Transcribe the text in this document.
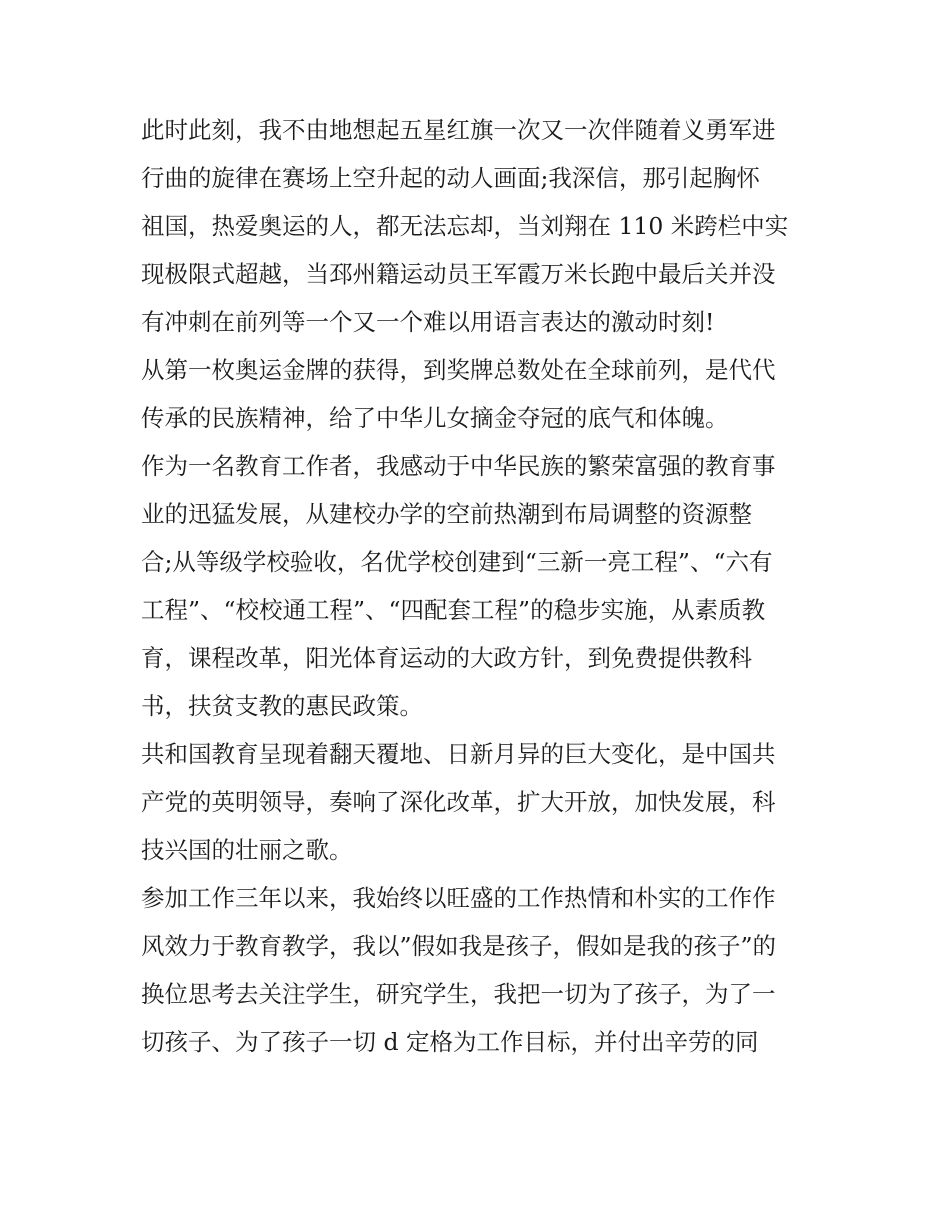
此时此刻，我不由地想起五星红旗一次又一次伴随着义勇军进
行曲的旋律在赛场上空升起的动人画面;我深信，那引起胸怀
祖国，热爱奥运的人，都无法忘却，当刘翔在 110 米跨栏中实
现极限式超越，当邳州籍运动员王军霞万米长跑中最后关并没
有冲刺在前列等一个又一个难以用语言表达的激动时刻!
从第一枚奥运金牌的获得，到奖牌总数处在全球前列，是代代
传承的民族精神，给了中华儿女摘金夺冠的底气和体魄。
作为一名教育工作者，我感动于中华民族的繁荣富强的教育事
业的迅猛发展，从建校办学的空前热潮到布局调整的资源整
合;从等级学校验收，名优学校创建到“三新一亮工程”、“六有
工程”、“校校通工程”、“四配套工程”的稳步实施，从素质教
育，课程改革，阳光体育运动的大政方针，到免费提供教科
书，扶贫支教的惠民政策。
共和国教育呈现着翻天覆地、日新月异的巨大变化，是中国共
产党的英明领导，奏响了深化改革，扩大开放，加快发展，科
技兴国的壮丽之歌。
参加工作三年以来，我始终以旺盛的工作热情和朴实的工作作
风效力于教育教学，我以”假如我是孩子，假如是我的孩子”的
换位思考去关注学生，研究学生，我把一切为了孩子，为了一
切孩子、为了孩子一切 d 定格为工作目标，并付出辛劳的同
